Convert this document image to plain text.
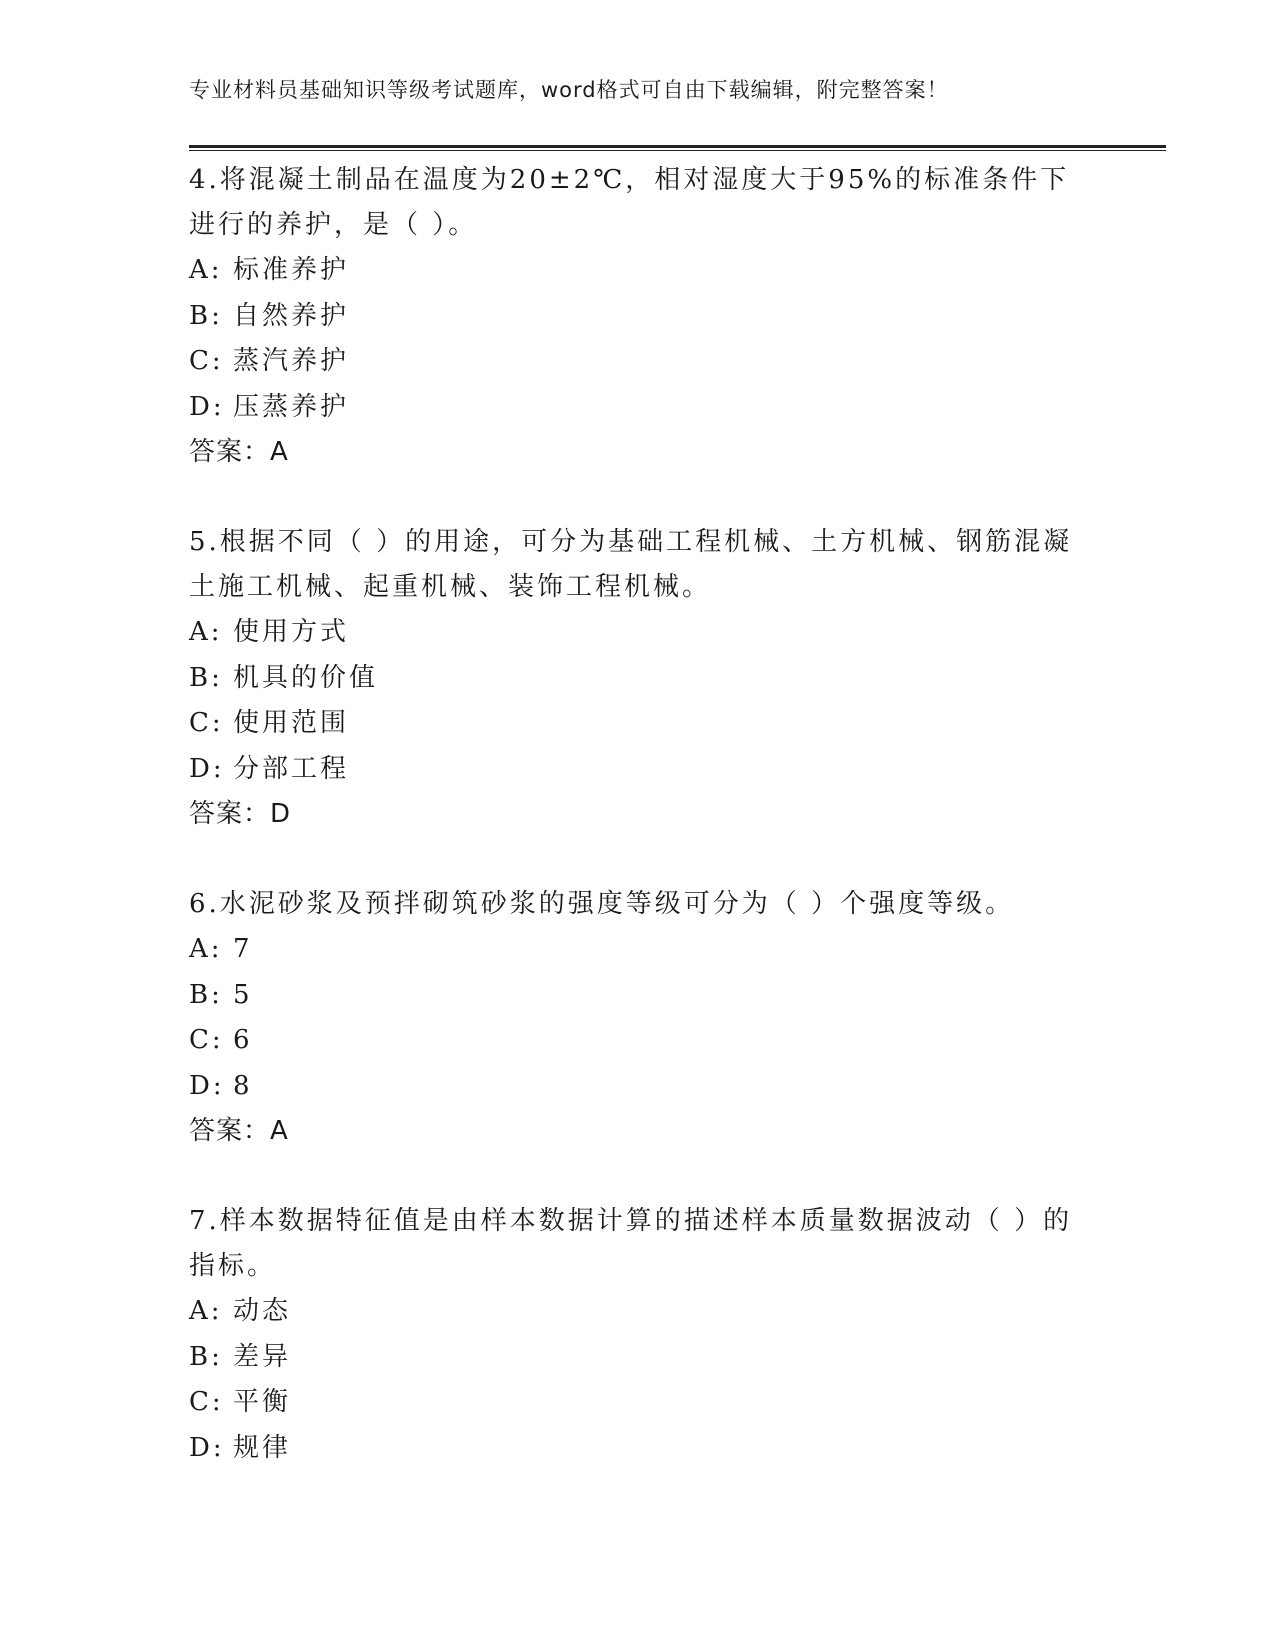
专业材料员基础知识等级考试题库，word格式可自由下载编辑，附完整答案！

4.将混凝土制品在温度为20±2℃，相对湿度大于95%的标准条件下
进行的养护，是（ ）。

A: 标准养护

B: 自然养护

C: 蒸汽养护

D: 压蒸养护

答案：A

5.根据不同（ ）的用途，可分为基础工程机械、土方机械、钢筋混凝
土施工机械、起重机械、装饰工程机械。

A: 使用方式

B: 机具的价值

C: 使用范围

D: 分部工程

答案：D

6.水泥砂浆及预拌砌筑砂浆的强度等级可分为（ ）个强度等级。

A: 7

B: 5

C: 6

D: 8

答案：A

7.样本数据特征值是由样本数据计算的描述样本质量数据波动（ ）的
指标。

A: 动态

B: 差异

C: 平衡

D: 规律
